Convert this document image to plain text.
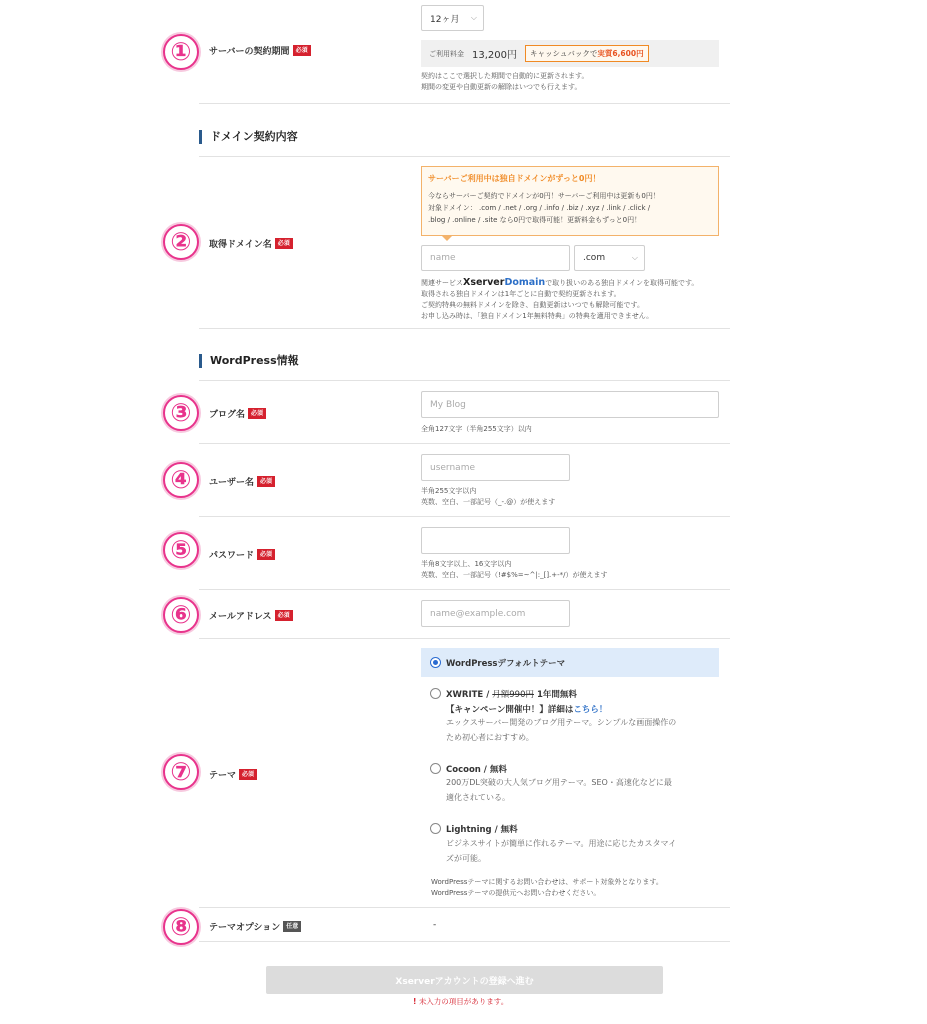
①	サーバーの契約期間	必須
12ヶ月 ⌵
ご利用料金 13,200円	キャッシュバックで実質6,600円
契約はここで選択した期間で自動的に更新されます。
期間の変更や自動更新の解除はいつでも行えます。
ドメイン契約内容
②	取得ドメイン名	必須
サーバーご利用中は独自ドメインがずっと0円！
今ならサーバーご契約でドメインが0円！サーバーご利用中は更新も0円！
対象ドメイン： .com / .net / .org / .info / .biz / .xyz / .link / .click /
.blog / .online / .site なら0円で取得可能！更新料金もずっと0円！
name	.com	⌵
関連サービスXserverDomainで取り扱いのある独自ドメインを取得可能です。
取得される独自ドメインは1年ごとに自動で契約更新されます。
ご契約特典の無料ドメインを除き、自動更新はいつでも解除可能です。
お申し込み時は、「独自ドメイン1年無料特典」の特典を適用できません。
WordPress情報
③	ブログ名	必須
My Blog
全角127文字（半角255文字）以内
④	ユーザー名	必須
username
半角255文字以内
英数、空白、一部記号（_-.@）が使えます
⑤	パスワード	必須
半角8文字以上、16文字以内
英数、空白、一部記号（!#$%=~^|:_[].+-*/）が使えます
⑥	メールアドレス	必須	name@example.com
⑦	テーマ	必須
WordPressデフォルトテーマ
XWRITE / 月額990円 1年間無料
【キャンペーン開催中！】詳細はこちら！
エックスサーバー開発のブログ用テーマ。シンプルな画面操作の
ため初心者におすすめ。
Cocoon / 無料
200万DL突破の大人気ブログ用テーマ。SEO・高速化などに最
適化されている。
Lightning / 無料
ビジネスサイトが簡単に作れるテーマ。用途に応じたカスタマイ
ズが可能。
WordPressテーマに関するお問い合わせは、サポート対象外となります。
WordPressテーマの提供元へお問い合わせください。
⑧	テーマオプション	任意	-
Xserverアカウントの登録へ進む
! 未入力の項目があります。
